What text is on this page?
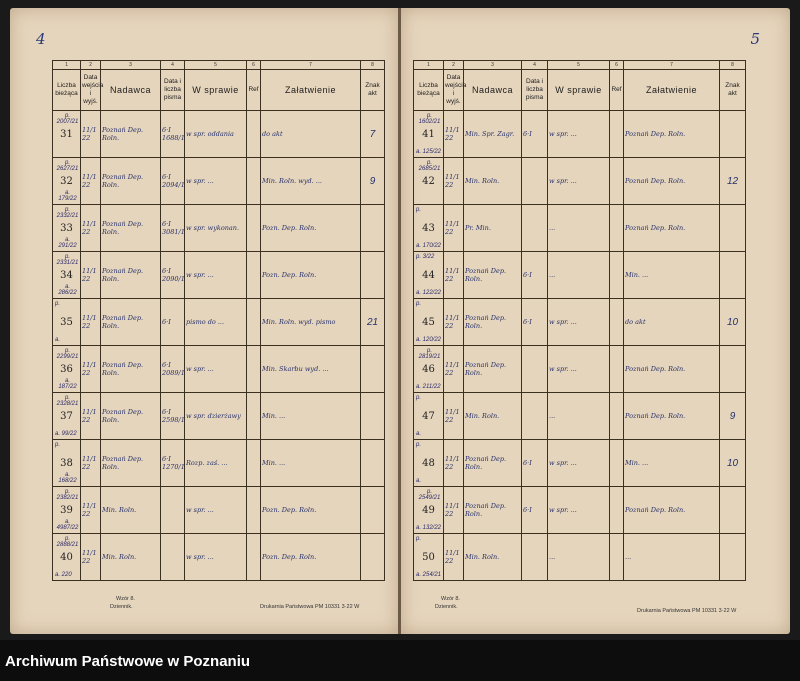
4
1	2	3	4	5	6	7	8
Liczba bieżąca	Data wejścia i wyjś.	Nadawca	Data i liczba pisma	W sprawie	Ref	Załatwienie	Znak akt

p. 2007/21
31	11/1 22	Poznań Dep. Roln.	6·I 1688/1	w spr. oddania		do akt	7

p. 2627/21
32
a. 179/22	11/1 22	Poznań Dep. Roln.	6·I 2094/1	w spr. ...		Min. Roln. wyd. ...	9

p. 2332/21
33
a. 291/22	11/1 22	Poznań Dep. Roln.	6·I 3081/1	w spr. wykonan.		Pozn. Dep. Roln.	

p. 2331/21
34
a. 286/22	11/1 22	Poznań Dep. Roln.	6·I 2090/1	w spr. ...		Pozn. Dep. Roln.	

p.
35
a.	11/1 22	Poznań Dep. Roln.	6·I	pismo do ...		Min. Roln. wyd. pismo	21

p. 2299/21
36
a. 187/22	11/1 22	Poznań Dep. Roln.	6·I 2089/1	w spr. ...		Min. Skarbu wyd. ...	

p. 2328/21
37
a. 99/22	11/1 22	Poznań Dep. Roln.	6·I 2598/1	w spr. dzierżawy		Min. ...	

p.
38
a. 168/22	11/1 22	Poznań Dep. Roln.	6·I 1270/1	Rozp. zaś. ...		Min. ...	

p. 2382/21
39
a. 4987/22	11/1 22	Min. Roln.		w spr. ...		Pozn. Dep. Roln.	

p. 2888/21
40
a. 220	11/1 22	Min. Roln.		w spr. ...		Pozn. Dep. Roln.	
Wzór 8.
Dziennik.	Drukarnia Państwowa PM 10331 3·22 W
5
1	2	3	4	5	6	7	8
Liczba bieżąca	Data wejścia i wyjś.	Nadawca	Data i liczba pisma	W sprawie	Ref	Załatwienie	Znak akt

p. 1602/21
41
a. 125/22	11/1 22	Min. Spr. Zagr.	6·I	w spr. ...		Poznań Dep. Roln.	

p. 2685/21
42	11/1 22	Min. Roln.		w spr. ...		Poznań Dep. Roln.	12

p.
43
a. 170/22	11/1 22	Pr. Min.		...		Poznań Dep. Roln.	

p. 3/22
44
a. 122/22	11/1 22	Poznań Dep. Roln.	6·I	...		Min. ...	

p.
45
a. 120/22	11/1 22	Poznań Dep. Roln.	6·I	w spr. ...		do akt	10

p. 2819/21
46
a. 211/22	11/1 22	Poznań Dep. Roln.		w spr. ...		Poznań Dep. Roln.	

p.
47
a.	11/1 22	Min. Roln.		...		Poznań Dep. Roln.	9

p.
48
a.	11/1 22	Poznań Dep. Roln.	6·I	w spr. ...		Min. ...	10

p. 2549/21
49
a. 132/22	11/1 22	Poznań Dep. Roln.	6·I	w spr. ...		Poznań Dep. Roln.	

p.
50
a. 254/21	11/1 22	Min. Roln.		...		...	
Wzór 8.
Dziennik.
Drukarnia Państwowa PM 10331 3·22 W
Archiwum Państwowe w Poznaniu
